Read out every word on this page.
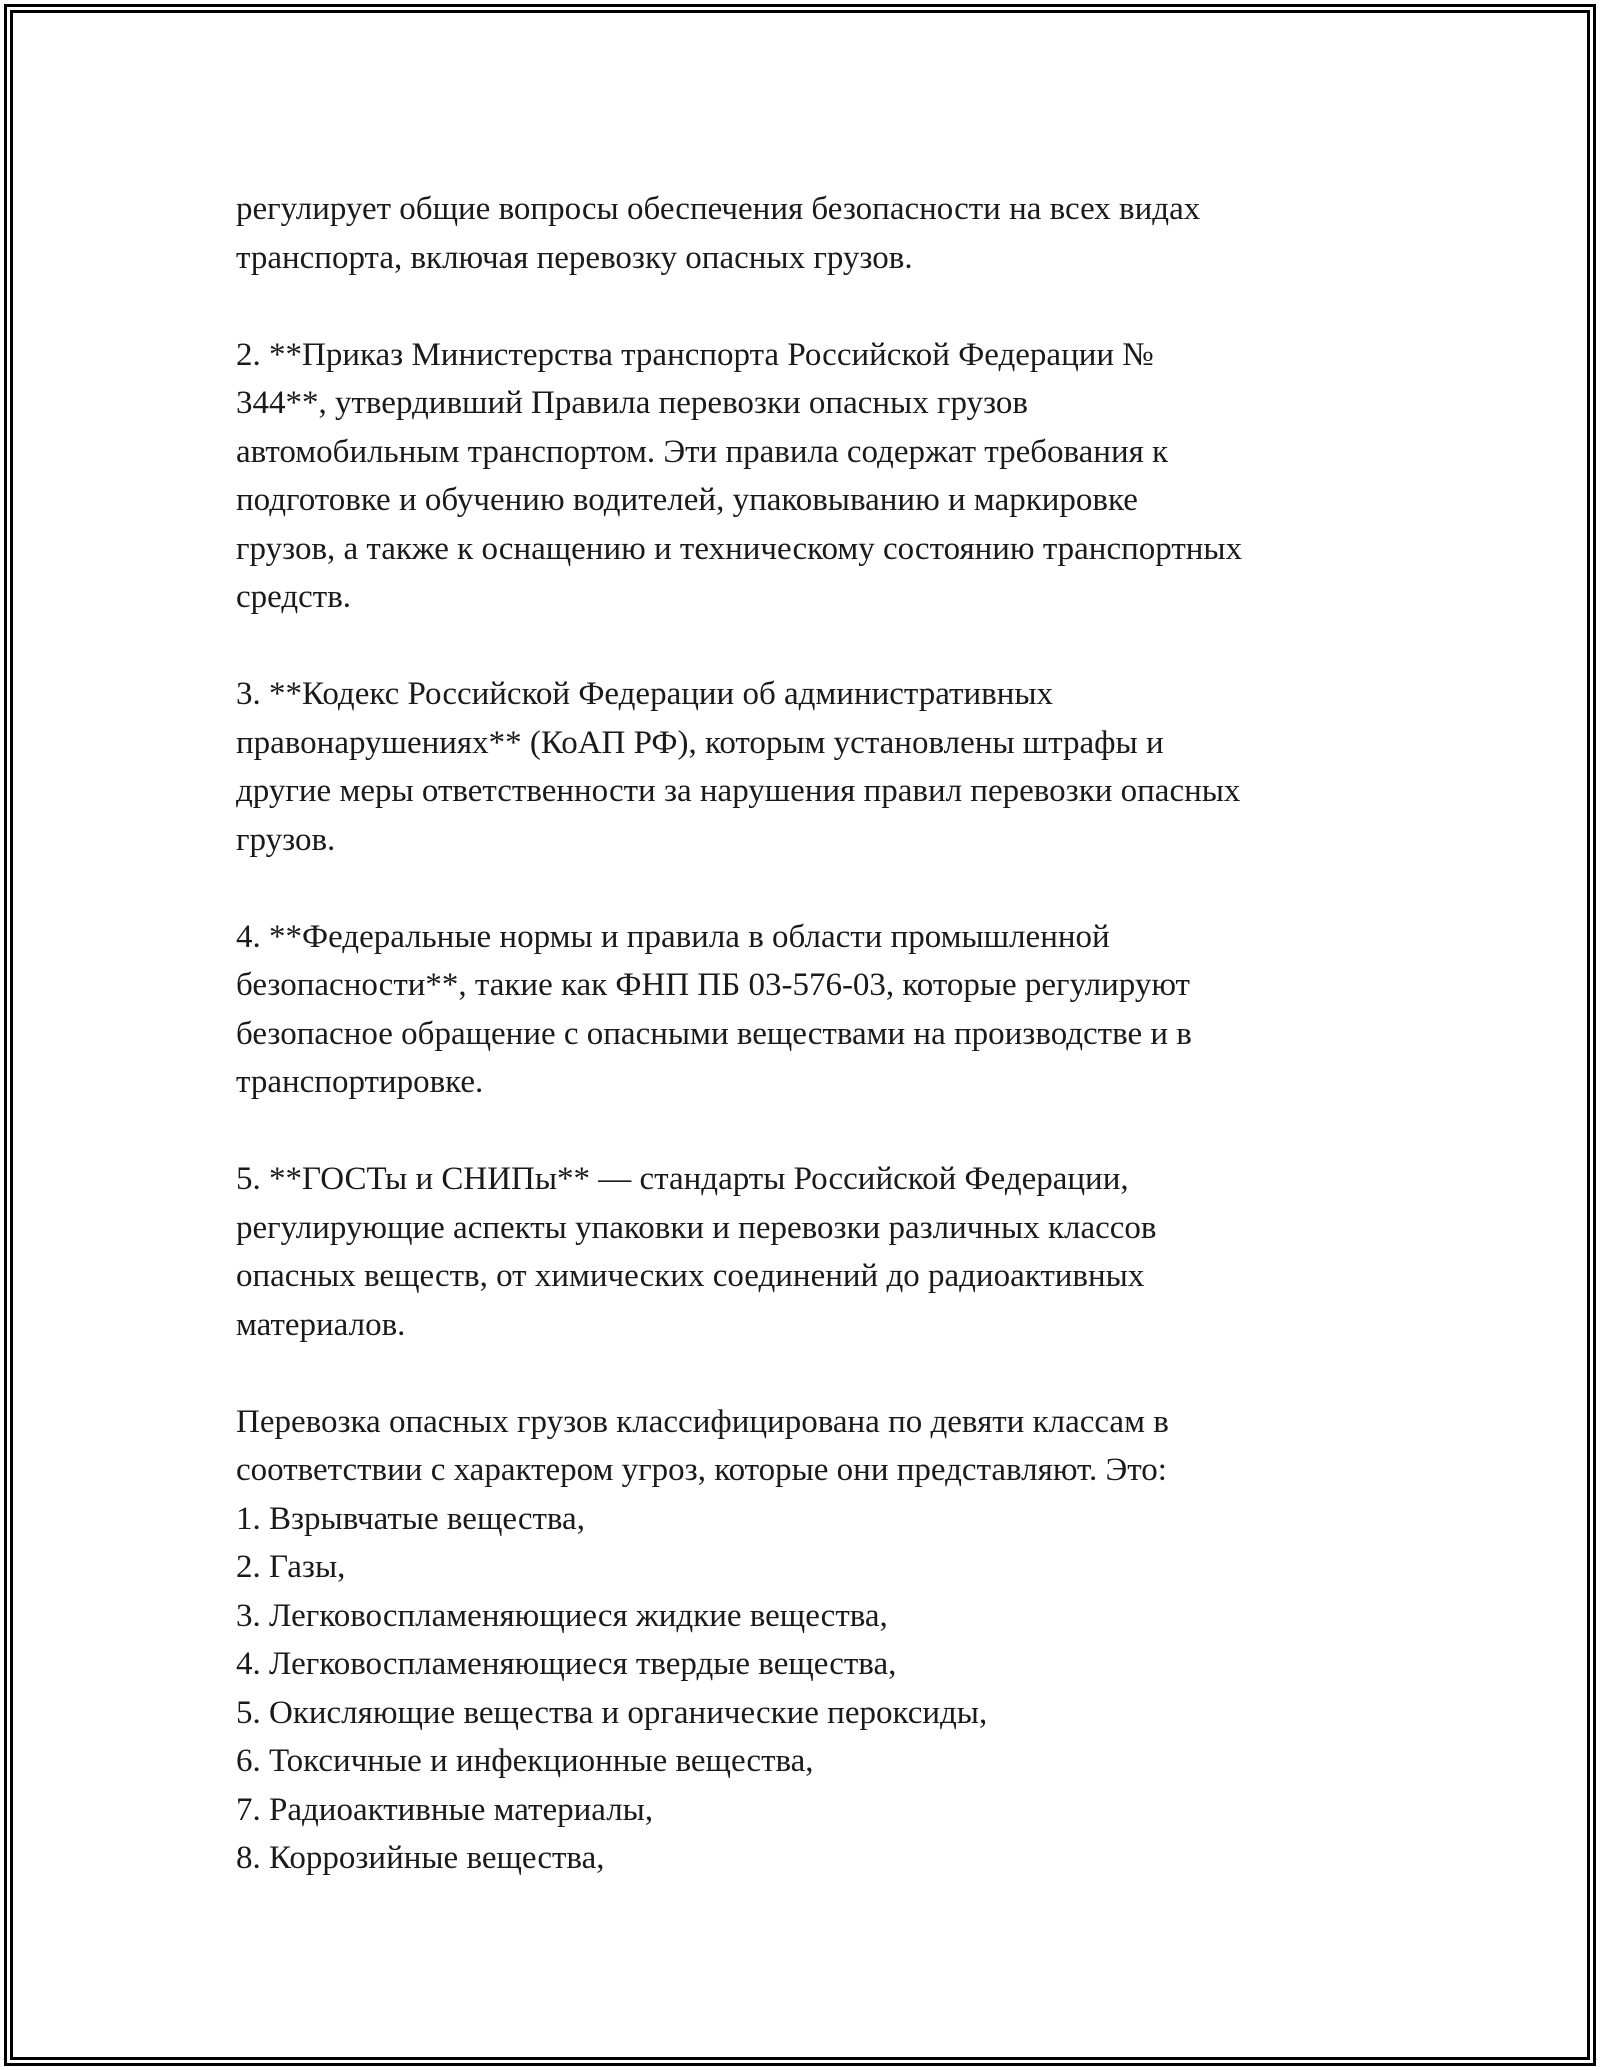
регулирует общие вопросы обеспечения безопасности на всех видах
транспорта, включая перевозку опасных грузов.

2. **Приказ Министерства транспорта Российской Федерации №
344**, утвердивший Правила перевозки опасных грузов
автомобильным транспортом. Эти правила содержат требования к
подготовке и обучению водителей, упаковыванию и маркировке
грузов, а также к оснащению и техническому состоянию транспортных
средств.

3. **Кодекс Российской Федерации об административных
правонарушениях** (КоАП РФ), которым установлены штрафы и
другие меры ответственности за нарушения правил перевозки опасных
грузов.

4. **Федеральные нормы и правила в области промышленной
безопасности**, такие как ФНП ПБ 03-576-03, которые регулируют
безопасное обращение с опасными веществами на производстве и в
транспортировке.

5. **ГОСТы и СНИПы** — стандарты Российской Федерации,
регулирующие аспекты упаковки и перевозки различных классов
опасных веществ, от химических соединений до радиоактивных
материалов.

Перевозка опасных грузов классифицирована по девяти классам в
соответствии с характером угроз, которые они представляют. Это:
1. Взрывчатые вещества,
2. Газы,
3. Легковоспламеняющиеся жидкие вещества,
4. Легковоспламеняющиеся твердые вещества,
5. Окисляющие вещества и органические пероксиды,
6. Токсичные и инфекционные вещества,
7. Радиоактивные материалы,
8. Коррозийные вещества,
